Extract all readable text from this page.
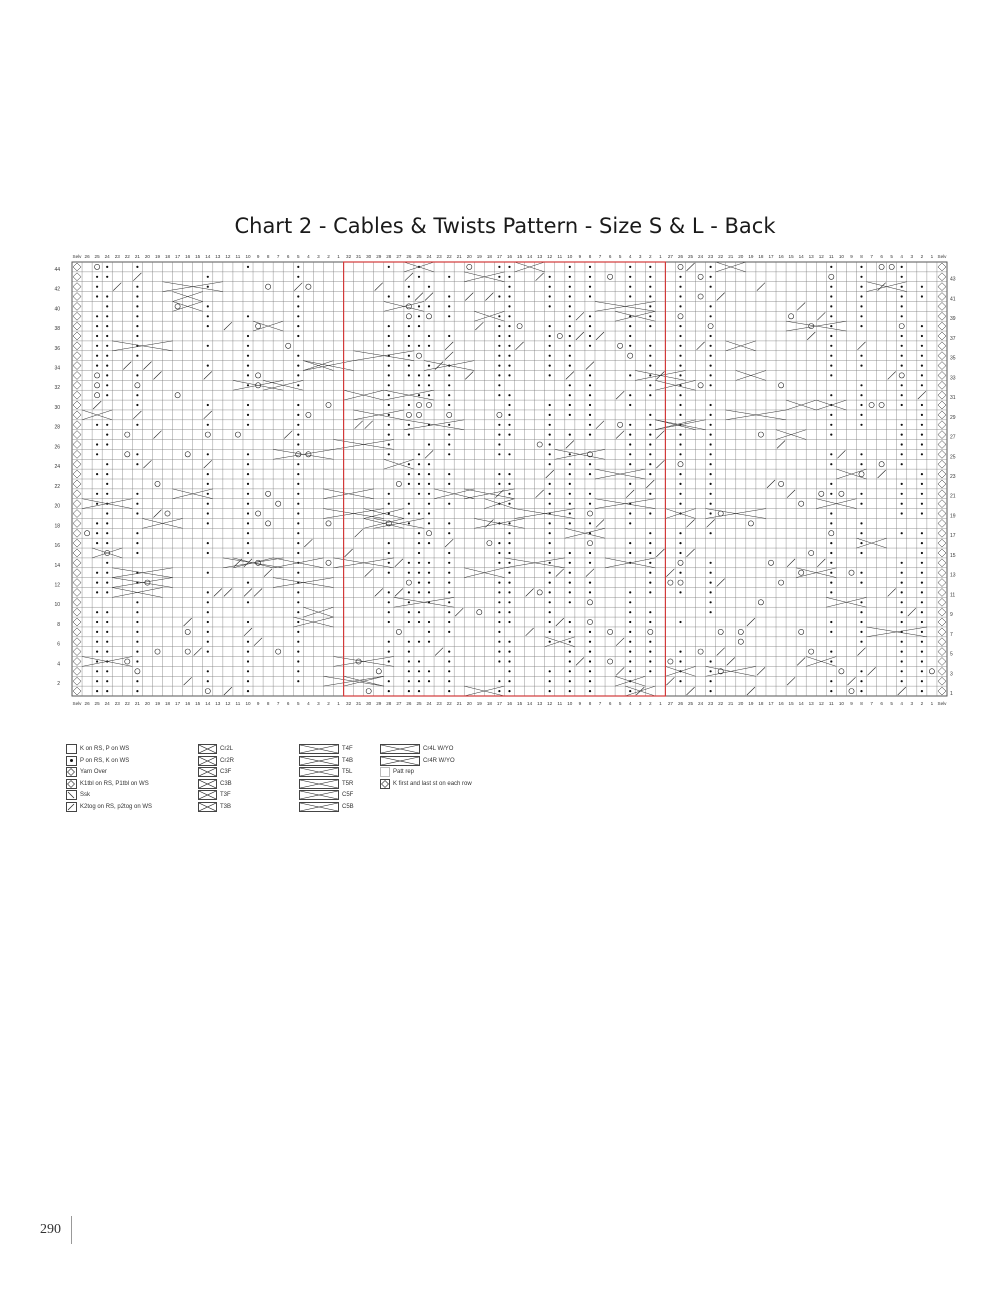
Chart 2 - Cables & Twists Pattern - Size S & L - Back
Selv 26 25 24 23 22 21 20 19 18 17 16 15 14 13 12 11 10 9 8 7 6 5 4 3 2 1 32 31 30 29 28 27 26 25 24 23 22 21 20 19 18 17 16 15 14 13 12 11 10 9 8 7 6 5 4 3 2 1 27 26 25 24 23 22 21 20 19 18 17 16 15 14 13 12 11 10 9 8 7 6 5 4 3 2 1 Selv
Selv 26 25 24 23 22 21 20 19 18 17 16 15 14 13 12 11 10 9 8 7 6 5 4 3 2 1 32 31 30 29 28 27 26 25 24 23 22 21 20 19 18 17 16 15 14 13 12 11 10 9 8 7 6 5 4 3 2 1 27 26 25 24 23 22 21 20 19 18 17 16 15 14 13 12 11 10 9 8 7 6 5 4 3 2 1 Selv
44
42
40
38
36
34
32
30
28
26
24
22
20
18
16
14
12
10
8
6
4
2
43
41
39
37
35
33
31
29
27
25
23
21
19
17
15
13
11
9
7
5
3
1
K on RS, P on WS
P on RS, K on WS
Yarn Over
K1tbl on RS, P1tbl on WS
Ssk
K2tog on RS, p2tog on WS
Cr2L
Cr2R
C3F
C3B
T3F
T3B
T4F
T4B
T5L
T5R
C5F
C5B
Cr4L W/YO
Cr4R W/YO
Patt rep
K first and last st on each row
290
